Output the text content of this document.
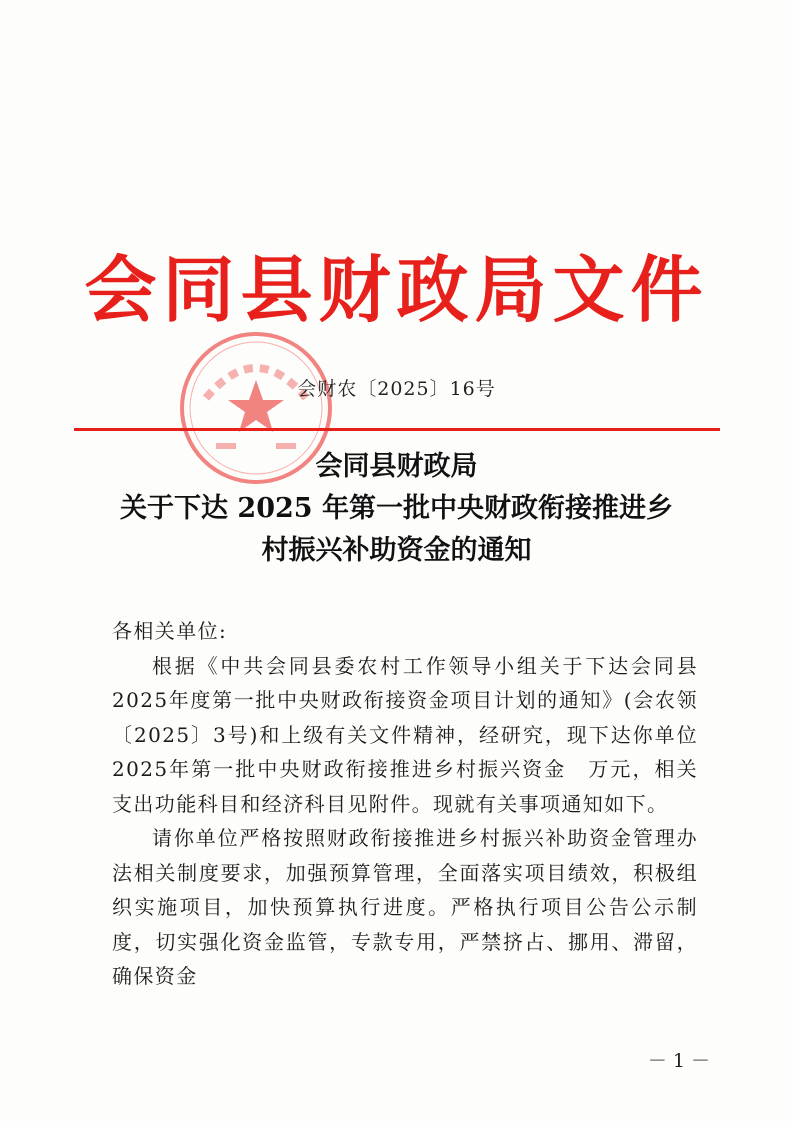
会同县财政局文件
会财农〔2025〕16号
会同县财政局
关于下达 2025 年第一批中央财政衔接推进乡
村振兴补助资金的通知

各相关单位:

根据《中共会同县委农村工作领导小组关于下达会同县2025年度第一批中央财政衔接资金项目计划的通知》(会农领〔2025〕3号)和上级有关文件精神，经研究，现下达你单位2025年第一批中央财政衔接推进乡村振兴资金　万元，相关支出功能科目和经济科目见附件。现就有关事项通知如下。

请你单位严格按照财政衔接推进乡村振兴补助资金管理办法相关制度要求，加强预算管理，全面落实项目绩效，积极组织实施项目，加快预算执行进度。严格执行项目公告公示制度，切实强化资金监管，专款专用，严禁挤占、挪用、滞留，确保资金

－ 1 －
